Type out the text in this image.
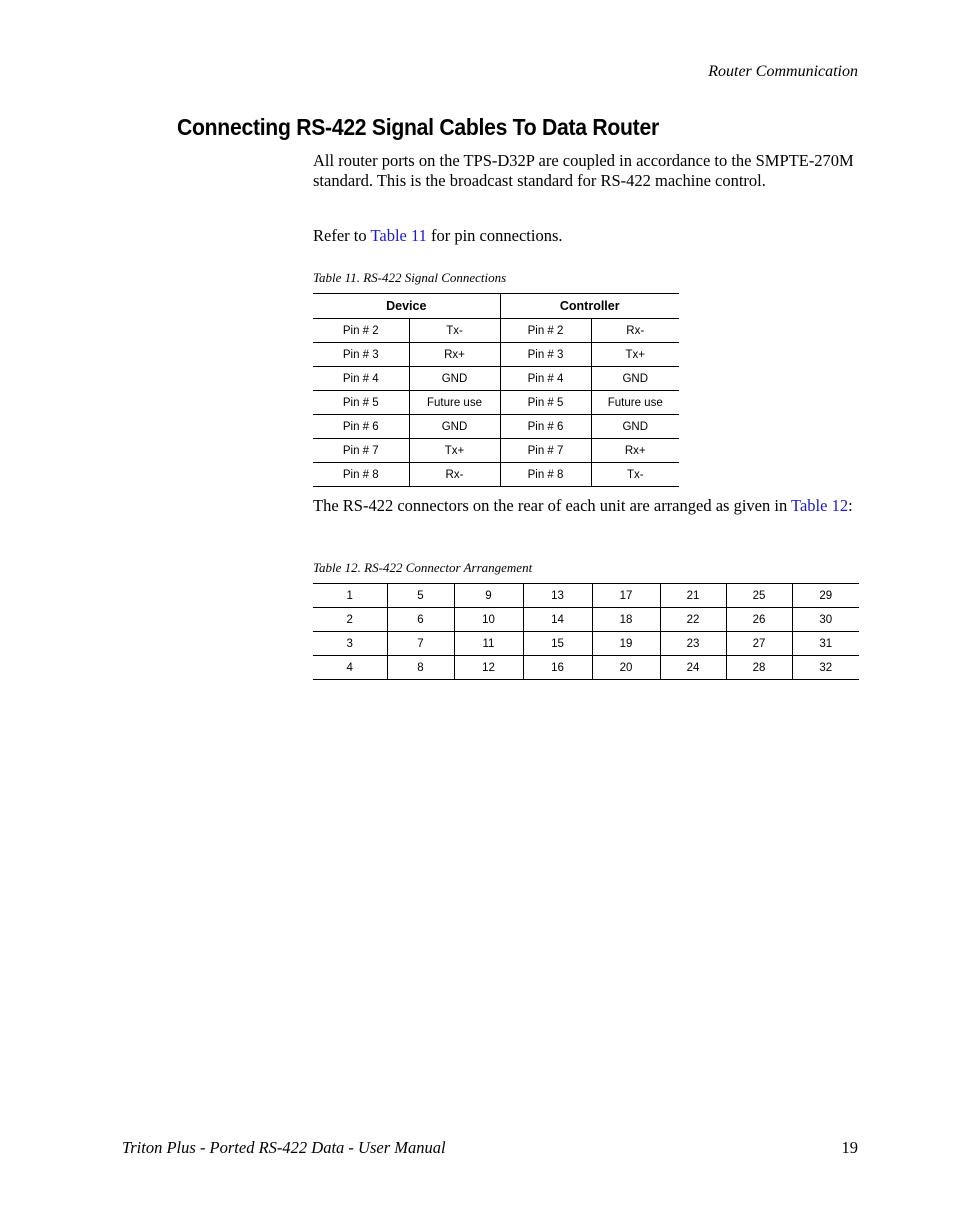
Router Communication
Connecting RS-422 Signal Cables To Data Router

All router ports on the TPS-D32P are coupled in accordance to the SMPTE-270M standard. This is the broadcast standard for RS-422 machine control.

Refer to Table 11 for pin connections.

Table 11. RS-422 Signal Connections

Device		Controller	
Pin # 2	Tx-	Pin # 2	Rx-
Pin # 3	Rx+	Pin # 3	Tx+
Pin # 4	GND	Pin # 4	GND
Pin # 5	Future use	Pin # 5	Future use
Pin # 6	GND	Pin # 6	GND
Pin # 7	Tx+	Pin # 7	Rx+
Pin # 8	Rx-	Pin # 8	Tx-

The RS-422 connectors on the rear of each unit are arranged as given in Table 12:

Table 12. RS-422 Connector Arrangement

1	5	9	13	17	21	25	29
2	6	10	14	18	22	26	30
3	7	11	15	19	23	27	31
4	8	12	16	20	24	28	32
Triton Plus - Ported RS-422 Data - User Manual	19
